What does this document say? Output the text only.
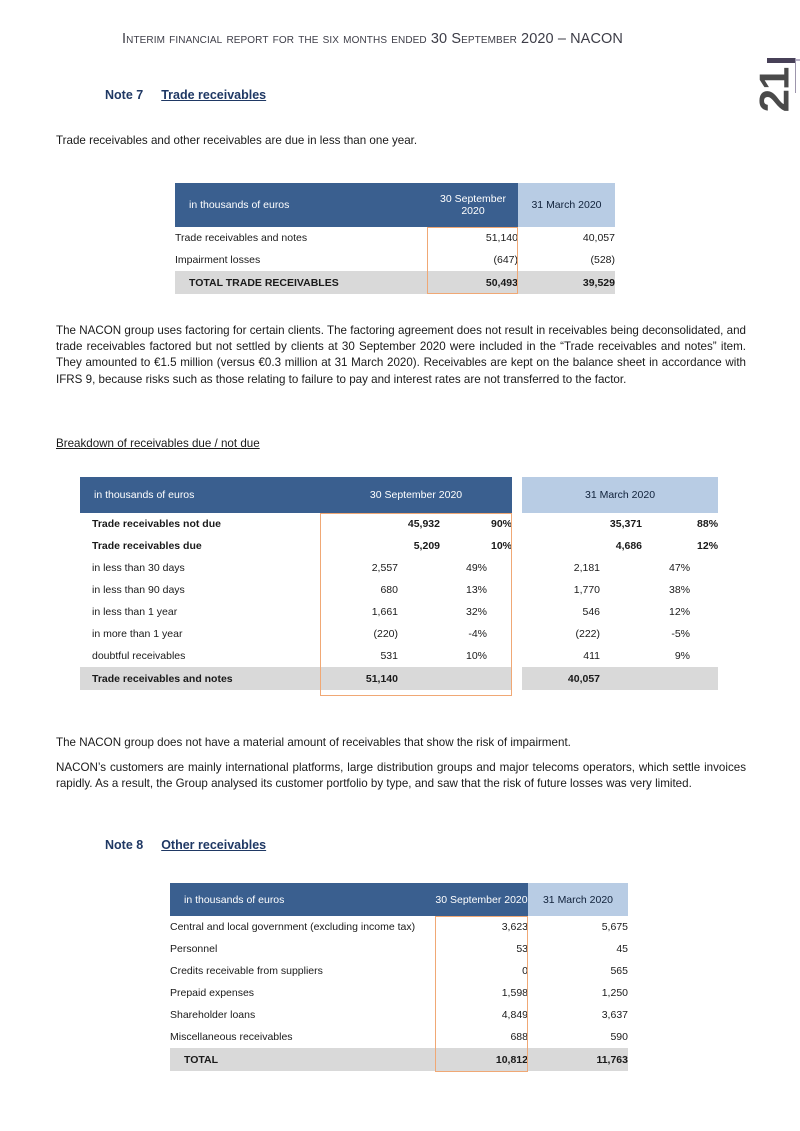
Interim financial report for the six months ended 30 September 2020 – NACON
21
Note 7 Trade receivables
Trade receivables and other receivables are due in less than one year.
in thousands of euros	30 September 2020	31 March 2020
Trade receivables and notes	51,140	40,057
Impairment losses	(647)	(528)
TOTAL TRADE RECEIVABLES	50,493	39,529
The NACON group uses factoring for certain clients. The factoring agreement does not result in receivables being deconsolidated, and trade receivables factored but not settled by clients at 30 September 2020 were included in the “Trade receivables and notes” item. They amounted to €1.5 million (versus €0.3 million at 31 March 2020). Receivables are kept on the balance sheet in accordance with IFRS 9, because risks such as those relating to failure to pay and interest rates are not transferred to the factor.
Breakdown of receivables due / not due
in thousands of euros	30 September 2020			31 March 2020	
Trade receivables not due	45,932	90%		35,371	88%
Trade receivables due	5,209	10%		4,686	12%
in less than 30 days	2,557	49%		2,181	47%
in less than 90 days	680	13%		1,770	38%
in less than 1 year	1,661	32%		546	12%
in more than 1 year	(220)	-4%		(222)	-5%
doubtful receivables	531	10%		411	9%
Trade receivables and notes	51,140			40,057	
The NACON group does not have a material amount of receivables that show the risk of impairment.
NACON’s customers are mainly international platforms, large distribution groups and major telecoms operators, which settle invoices rapidly. As a result, the Group analysed its customer portfolio by type, and saw that the risk of future losses was very limited.
Note 8 Other receivables
in thousands of euros	30 September 2020	31 March 2020
Central and local government (excluding income tax)	3,623	5,675
Personnel	53	45
Credits receivable from suppliers	0	565
Prepaid expenses	1,598	1,250
Shareholder loans	4,849	3,637
Miscellaneous receivables	688	590
TOTAL	10,812	11,763
